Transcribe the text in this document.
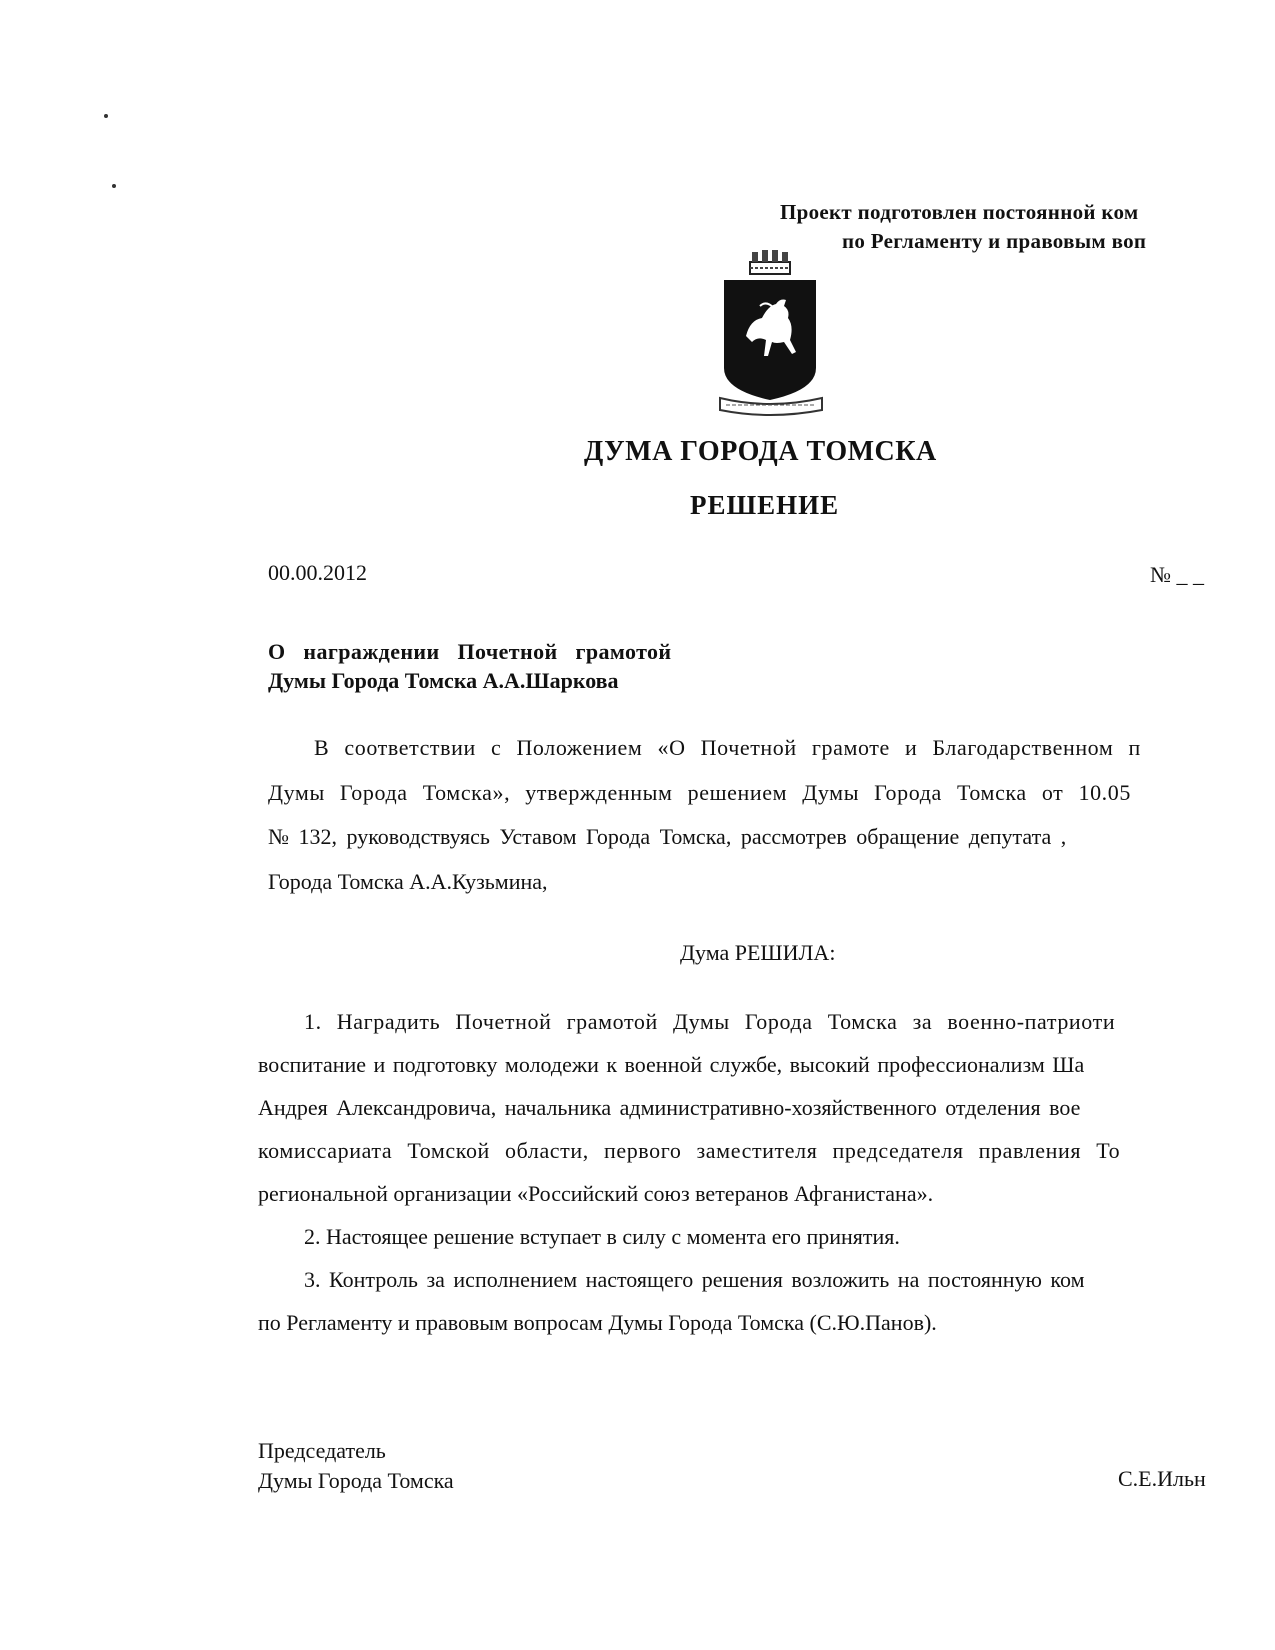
Проект подготовлен постоянной ком
по Регламенту и правовым воп
ДУМА ГОРОДА ТОМСКА
РЕШЕНИЕ
00.00.2012	№ _ _
О награждении Почетной грамотой
Думы Города Томска А.А.Шаркова
В соответствии с Положением «О Почетной грамоте и Благодарственном п
Думы Города Томска», утвержденным решением Думы Города Томска от 10.05
№ 132, руководствуясь Уставом Города Томска, рассмотрев обращение депутата ,
Города Томска А.А.Кузьмина,
Дума РЕШИЛА:
1. Наградить Почетной грамотой Думы Города Томска за военно-патриоти
воспитание и подготовку молодежи к военной службе, высокий профессионализм Ша
Андрея Александровича, начальника административно-хозяйственного отделения вое
комиссариата Томской области, первого заместителя председателя правления То
региональной организации «Российский союз ветеранов Афганистана».
2. Настоящее решение вступает в силу с момента его принятия.
3. Контроль за исполнением настоящего решения возложить на постоянную ком
по Регламенту и правовым вопросам Думы Города Томска (С.Ю.Панов).
Председатель
Думы Города Томска	С.Е.Ильн
